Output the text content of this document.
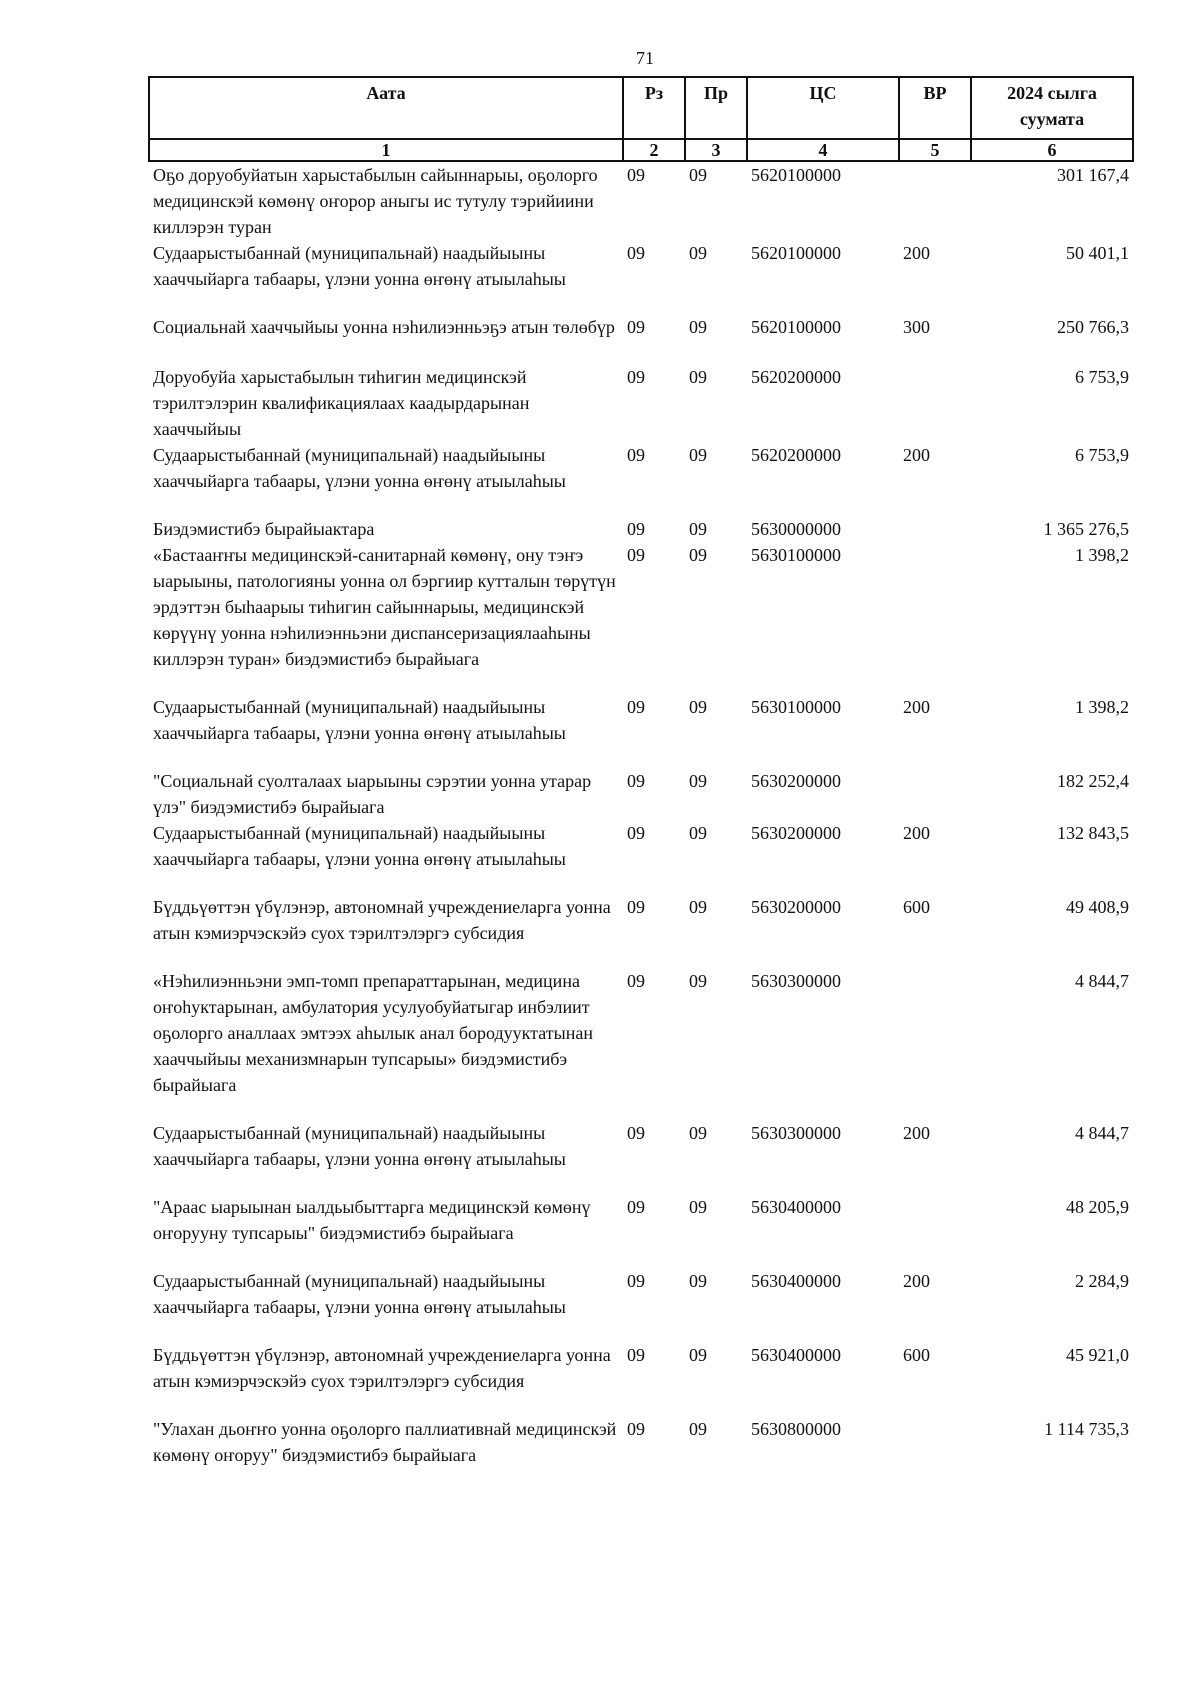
71
Аата	Рз	Пр	ЦС	ВР	2024 сылга суумата
1	2	3	4	5	6
Оҕо доруобуйатын харыстабылын сайыннарыы, оҕолорго медицинскэй көмөнү оҥорор аныгы ис тутулу тэрийиини киллэрэн туран	09	09	5620100000		301 167,4
Судаарыстыбаннай (муниципальнай) наадыйыыны хааччыйарга табаары, үлэни уонна өҥөнү атыылаһыы	09	09	5620100000	200	50 401,1
Социальнай хааччыйыы уонна нэһилиэнньэҕэ атын төлөбүр	09	09	5620100000	300	250 766,3
Доруобуйа харыстабылын тиһигин медицинскэй тэрилтэлэрин квалификациялаах каадырдарынан хааччыйыы	09	09	5620200000		6 753,9
Судаарыстыбаннай (муниципальнай) наадыйыыны хааччыйарга табаары, үлэни уонна өҥөнү атыылаһыы	09	09	5620200000	200	6 753,9
Биэдэмистибэ бырайыактара	09	09	5630000000		1 365 276,5
«Бастааҥҥы медицинскэй-санитарнай көмөнү, ону тэҥэ ыарыыны, патологияны уонна ол бэргиир кутталын төрүтүн эрдэттэн быһаарыы тиһигин сайыннарыы, медицинскэй көрүүнү уонна нэһилиэнньэни диспансеризациялааһыны киллэрэн туран» биэдэмистибэ бырайыага	09	09	5630100000		1 398,2
Судаарыстыбаннай (муниципальнай) наадыйыыны хааччыйарга табаары, үлэни уонна өҥөнү атыылаһыы	09	09	5630100000	200	1 398,2
"Социальнай суолталаах ыарыыны сэрэтии уонна утарар үлэ" биэдэмистибэ бырайыага	09	09	5630200000		182 252,4
Судаарыстыбаннай (муниципальнай) наадыйыыны хааччыйарга табаары, үлэни уонна өҥөнү атыылаһыы	09	09	5630200000	200	132 843,5
Бүддьүөттэн үбүлэнэр, автономнай учреждениеларга уонна атын кэмиэрчэскэйэ суох тэрилтэлэргэ субсидия	09	09	5630200000	600	49 408,9
«Нэһилиэнньэни эмп-томп препараттарынан, медицина оҥоһуктарынан, амбулатория усулуобуйатыгар инбэлиит оҕолорго аналлаах эмтээх аһылык анал бородууктатынан хааччыйыы механизмнарын тупсарыы» биэдэмистибэ бырайыага	09	09	5630300000		4 844,7
Судаарыстыбаннай (муниципальнай) наадыйыыны хааччыйарга табаары, үлэни уонна өҥөнү атыылаһыы	09	09	5630300000	200	4 844,7
"Араас ыарыынан ыалдьыбыттарга медицинскэй көмөнү оҥорууну тупсарыы" биэдэмистибэ бырайыага	09	09	5630400000		48 205,9
Судаарыстыбаннай (муниципальнай) наадыйыыны хааччыйарга табаары, үлэни уонна өҥөнү атыылаһыы	09	09	5630400000	200	2 284,9
Бүддьүөттэн үбүлэнэр, автономнай учреждениеларга уонна атын кэмиэрчэскэйэ суох тэрилтэлэргэ субсидия	09	09	5630400000	600	45 921,0
"Улахан дьоҥҥо уонна оҕолорго паллиативнай медицинскэй көмөнү оҥоруу" биэдэмистибэ бырайыага	09	09	5630800000		1 114 735,3
